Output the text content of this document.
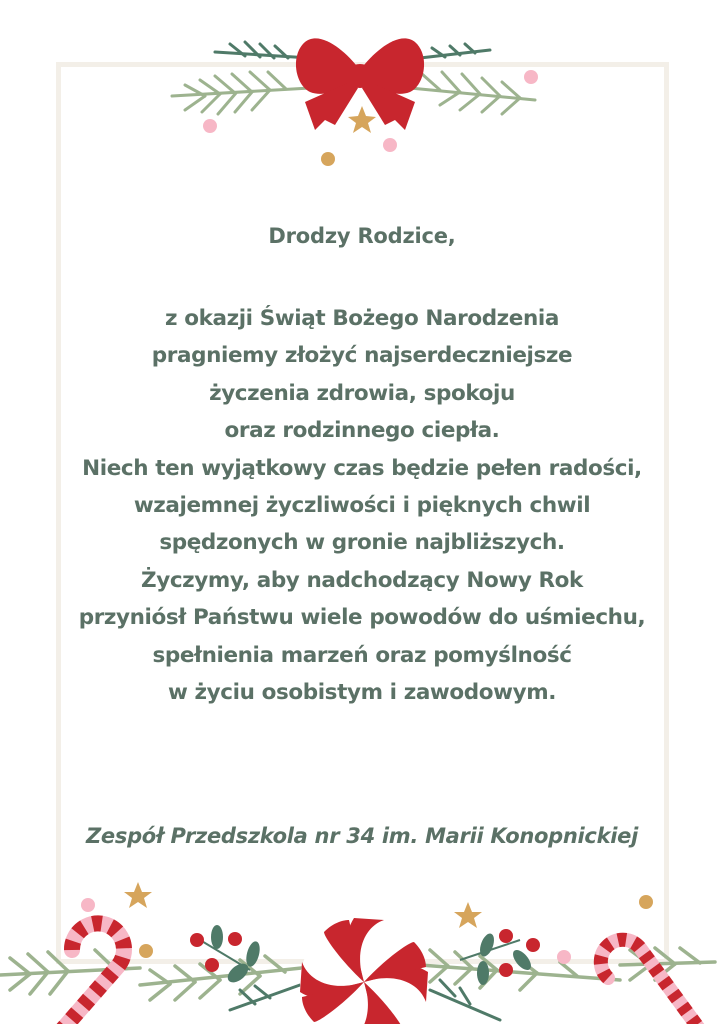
Drodzy Rodzice,
z okazji Świąt Bożego Narodzenia
pragniemy złożyć najserdeczniejsze
życzenia zdrowia, spokoju
oraz rodzinnego ciepła.
Niech ten wyjątkowy czas będzie pełen radości,
wzajemnej życzliwości i pięknych chwil
spędzonych w gronie najbliższych.
Życzymy, aby nadchodzący Nowy Rok
przyniósł Państwu wiele powodów do uśmiechu,
spełnienia marzeń oraz pomyślność
w życiu osobistym i zawodowym.
Zespół Przedszkola nr 34 im. Marii Konopnickiej
